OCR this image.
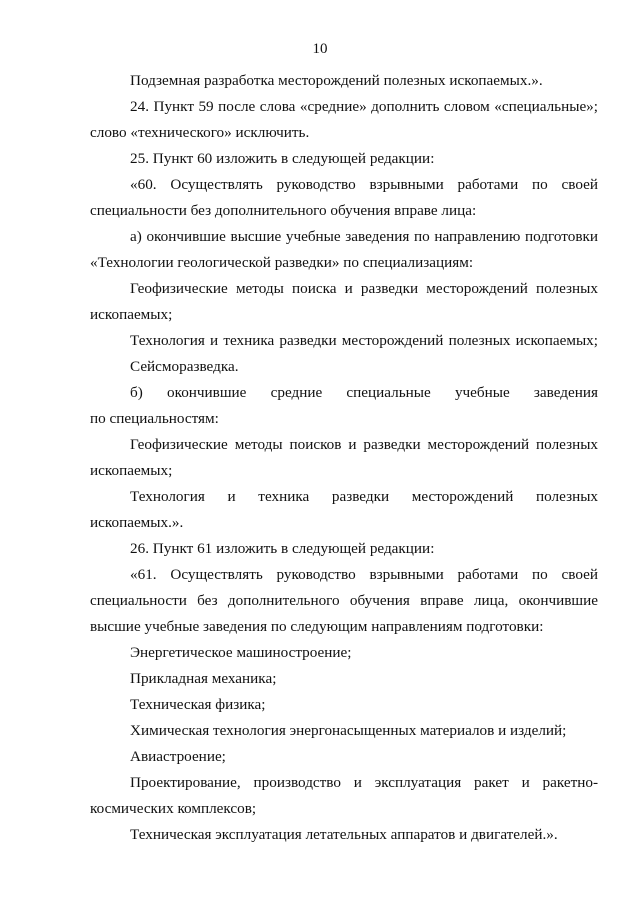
10
Подземная разработка месторождений полезных ископаемых.».
24. Пункт 59 после слова «средние» дополнить словом «специальные»;
слово «технического» исключить.
25. Пункт 60 изложить в следующей редакции:
«60. Осуществлять руководство взрывными работами по своей
специальности без дополнительного обучения вправе лица:
а) окончившие высшие учебные заведения по направлению подготовки
«Технологии геологической разведки» по специализациям:
Геофизические методы поиска и разведки месторождений полезных
ископаемых;
Технология и техника разведки месторождений полезных ископаемых;
Сейсморазведка.
б) окончившие средние специальные учебные заведения
по специальностям:
Геофизические методы поисков и разведки месторождений полезных
ископаемых;
Технология и техника разведки месторождений полезных
ископаемых.».
26. Пункт 61 изложить в следующей редакции:
«61. Осуществлять руководство взрывными работами по своей
специальности без дополнительного обучения вправе лица, окончившие
высшие учебные заведения по следующим направлениям подготовки:
Энергетическое машиностроение;
Прикладная механика;
Техническая физика;
Химическая технология энергонасыщенных материалов и изделий;
Авиастроение;
Проектирование, производство и эксплуатация ракет и ракетно-
космических комплексов;
Техническая эксплуатация летательных аппаратов и двигателей.».
